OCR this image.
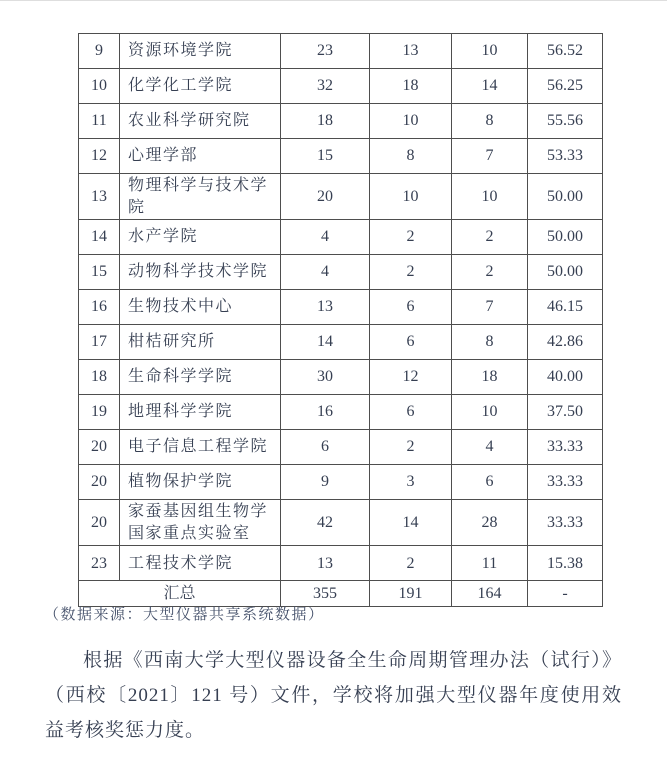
9	资源环境学院	23	13	10	56.52
10	化学化工学院	32	18	14	56.25
11	农业科学研究院	18	10	8	55.56
12	心理学部	15	8	7	53.33
13	物理科学与技术学院	20	10	10	50.00
14	水产学院	4	2	2	50.00
15	动物科学技术学院	4	2	2	50.00
16	生物技术中心	13	6	7	46.15
17	柑桔研究所	14	6	8	42.86
18	生命科学学院	30	12	18	40.00
19	地理科学学院	16	6	10	37.50
20	电子信息工程学院	6	2	4	33.33
20	植物保护学院	9	3	6	33.33
20	家蚕基因组生物学国家重点实验室	42	14	28	33.33
23	工程技术学院	13	2	11	15.38
汇总		355	191	164	-
（数据来源：大型仪器共享系统数据）

根据《西南大学大型仪器设备全生命周期管理办法（试行）》（西校〔2021〕121 号）文件，学校将加强大型仪器年度使用效益考核奖惩力度。
